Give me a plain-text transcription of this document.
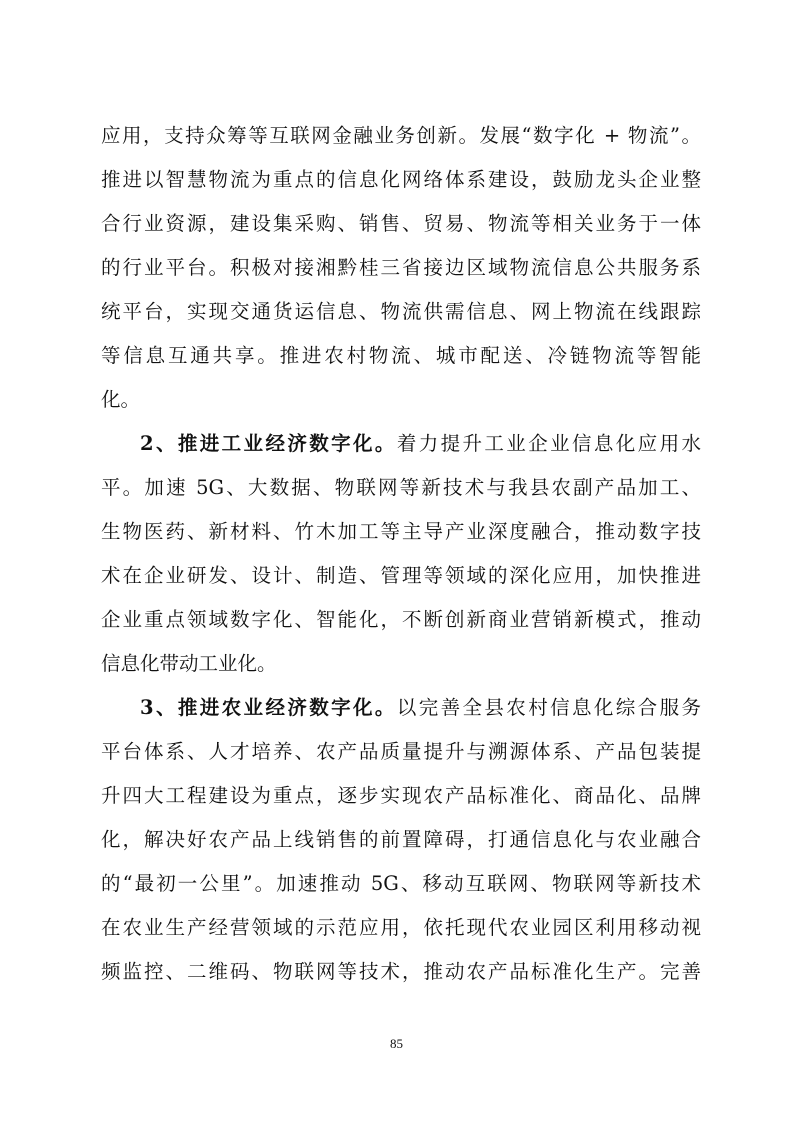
应用，支持众筹等互联网金融业务创新。发展“数字化 + 物流”。
推进以智慧物流为重点的信息化网络体系建设，鼓励龙头企业整
合行业资源，建设集采购、销售、贸易、物流等相关业务于一体
的行业平台。积极对接湘黔桂三省接边区域物流信息公共服务系
统平台，实现交通货运信息、物流供需信息、网上物流在线跟踪
等信息互通共享。推进农村物流、城市配送、冷链物流等智能
化。
2、推进工业经济数字化。着力提升工业企业信息化应用水
平。加速 5G、大数据、物联网等新技术与我县农副产品加工、
生物医药、新材料、竹木加工等主导产业深度融合，推动数字技
术在企业研发、设计、制造、管理等领域的深化应用，加快推进
企业重点领域数字化、智能化，不断创新商业营销新模式，推动
信息化带动工业化。
3、推进农业经济数字化。以完善全县农村信息化综合服务
平台体系、人才培养、农产品质量提升与溯源体系、产品包装提
升四大工程建设为重点，逐步实现农产品标准化、商品化、品牌
化，解决好农产品上线销售的前置障碍，打通信息化与农业融合
的“最初一公里”。加速推动 5G、移动互联网、物联网等新技术
在农业生产经营领域的示范应用，依托现代农业园区利用移动视
频监控、二维码、物联网等技术，推动农产品标准化生产。完善
85
